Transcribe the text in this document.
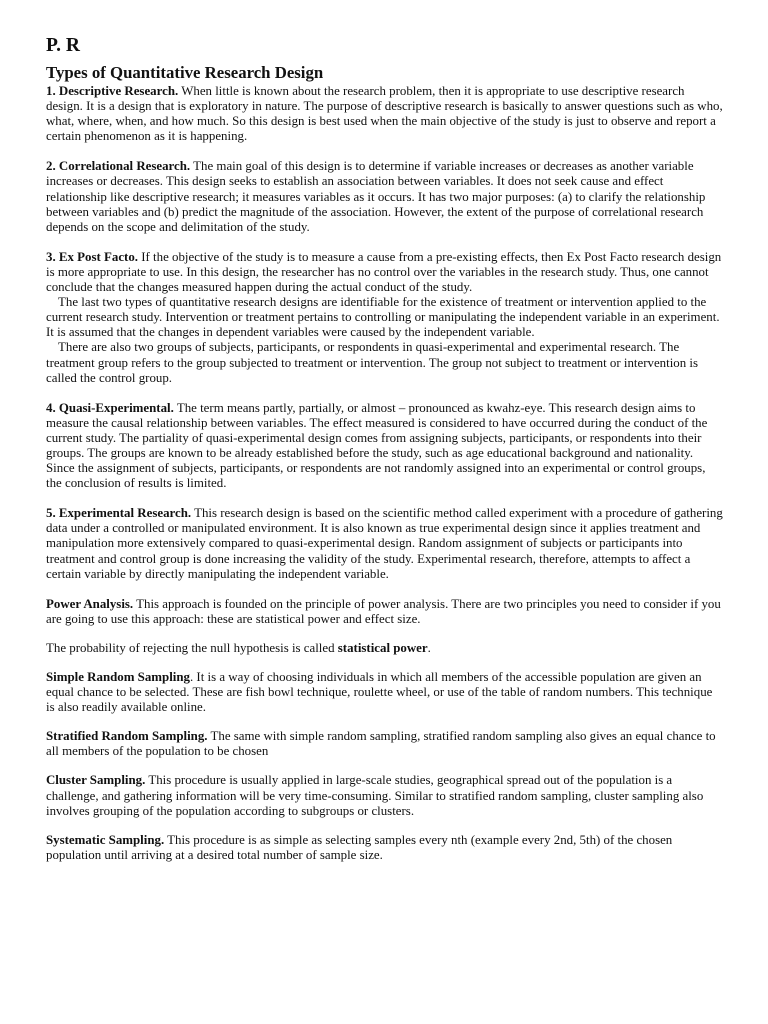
P. R
Types of Quantitative Research Design

1. Descriptive Research. When little is known about the research problem, then it is appropriate to use descriptive research design. It is a design that is exploratory in nature. The purpose of descriptive research is basically to answer questions such as who, what, where, when, and how much. So this design is best used when the main objective of the study is just to observe and report a certain phenomenon as it is happening.

2. Correlational Research. The main goal of this design is to determine if variable increases or decreases as another variable increases or decreases. This design seeks to establish an association between variables. It does not seek cause and effect relationship like descriptive research; it measures variables as it occurs. It has two major purposes: (a) to clarify the relationship between variables and (b) predict the magnitude of the association. However, the extent of the purpose of correlational research depends on the scope and delimitation of the study.

3. Ex Post Facto. If the objective of the study is to measure a cause from a pre-existing effects, then Ex Post Facto research design is more appropriate to use. In this design, the researcher has no control over the variables in the research study. Thus, one cannot conclude that the changes measured happen during the actual conduct of the study.

The last two types of quantitative research designs are identifiable for the existence of treatment or intervention applied to the current research study. Intervention or treatment pertains to controlling or manipulating the independent variable in an experiment. It is assumed that the changes in dependent variables were caused by the independent variable.

There are also two groups of subjects, participants, or respondents in quasi-experimental and experimental research. The treatment group refers to the group subjected to treatment or intervention. The group not subject to treatment or intervention is called the control group.

4. Quasi-Experimental. The term means partly, partially, or almost – pronounced as kwahz-eye. This research design aims to measure the causal relationship between variables. The effect measured is considered to have occurred during the conduct of the current study. The partiality of quasi-experimental design comes from assigning subjects, participants, or respondents into their groups. The groups are known to be already established before the study, such as age educational background and nationality. Since the assignment of subjects, participants, or respondents are not randomly assigned into an experimental or control groups, the conclusion of results is limited.

5. Experimental Research. This research design is based on the scientific method called experiment with a procedure of gathering data under a controlled or manipulated environment. It is also known as true experimental design since it applies treatment and manipulation more extensively compared to quasi-experimental design. Random assignment of subjects or participants into treatment and control group is done increasing the validity of the study. Experimental research, therefore, attempts to affect a certain variable by directly manipulating the independent variable.

Power Analysis. This approach is founded on the principle of power analysis. There are two principles you need to consider if you are going to use this approach: these are statistical power and effect size.

The probability of rejecting the null hypothesis is called statistical power.

Simple Random Sampling. It is a way of choosing individuals in which all members of the accessible population are given an equal chance to be selected. These are fish bowl technique, roulette wheel, or use of the table of random numbers. This technique is also readily available online.

Stratified Random Sampling. The same with simple random sampling, stratified random sampling also gives an equal chance to all members of the population to be chosen

Cluster Sampling. This procedure is usually applied in large-scale studies, geographical spread out of the population is a challenge, and gathering information will be very time-consuming. Similar to stratified random sampling, cluster sampling also involves grouping of the population according to subgroups or clusters.

Systematic Sampling. This procedure is as simple as selecting samples every nth (example every 2nd, 5th) of the chosen population until arriving at a desired total number of sample size.
